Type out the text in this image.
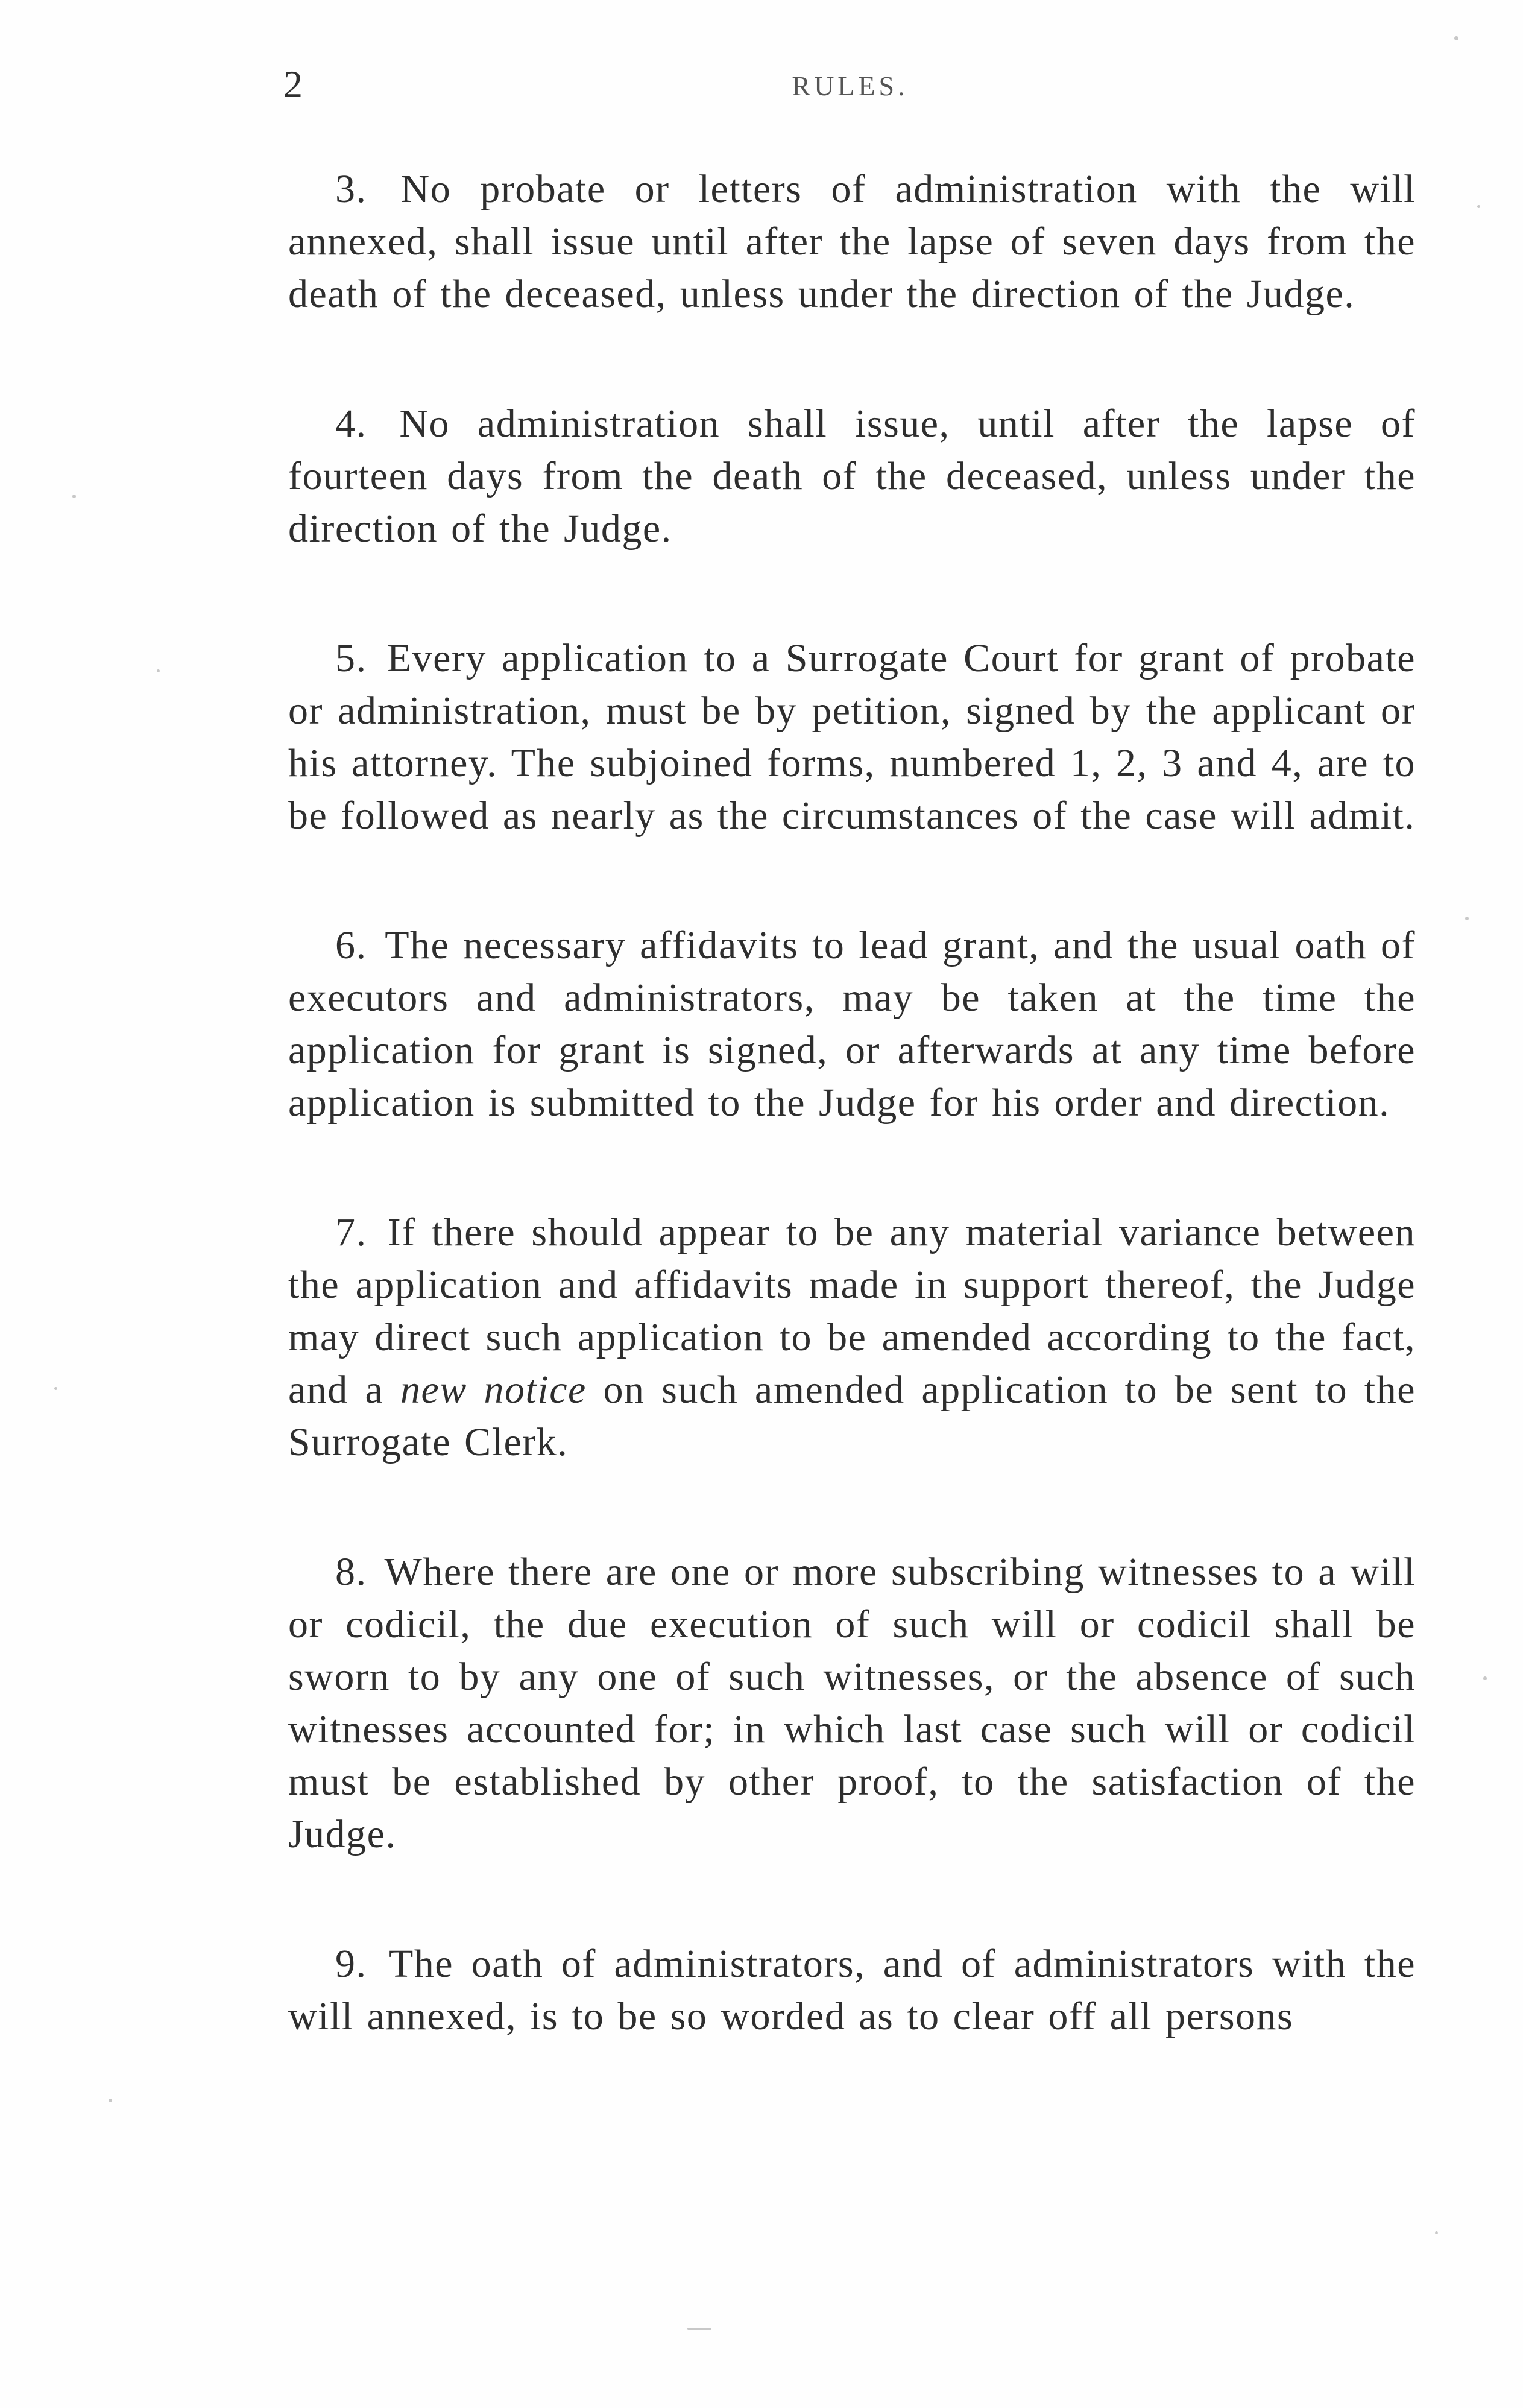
2	RULES.

3. No probate or letters of administration with the will annexed, shall issue until after the lapse of seven days from the death of the deceased, unless under the direction of the Judge.

4. No administration shall issue, until after the lapse of fourteen days from the death of the deceased, unless under the direction of the Judge.

5. Every application to a Surrogate Court for grant of probate or administration, must be by petition, signed by the applicant or his attorney. The subjoined forms, numbered 1, 2, 3 and 4, are to be followed as nearly as the circumstances of the case will admit.

6. The necessary affidavits to lead grant, and the usual oath of executors and administrators, may be taken at the time the application for grant is signed, or afterwards at any time before application is submitted to the Judge for his order and direction.

7. If there should appear to be any material variance between the application and affidavits made in support thereof, the Judge may direct such application to be amended according to the fact, and a new notice on such amended application to be sent to the Surrogate Clerk.

8. Where there are one or more subscribing witnesses to a will or codicil, the due execution of such will or codicil shall be sworn to by any one of such witnesses, or the absence of such witnesses accounted for; in which last case such will or codicil must be established by other proof, to the satisfaction of the Judge.

9. The oath of administrators, and of administrators with the will annexed, is to be so worded as to clear off all persons
